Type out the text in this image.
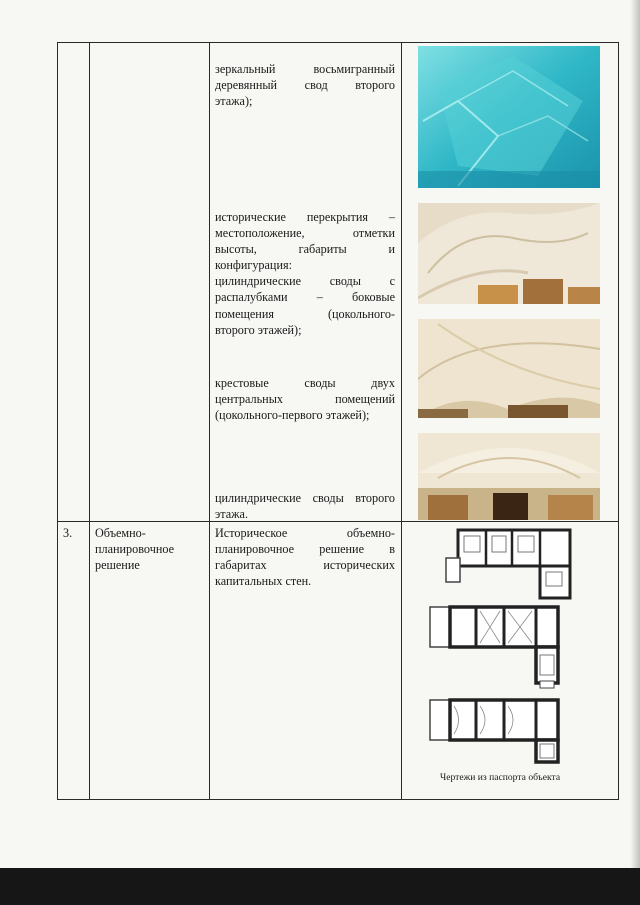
зеркальный восьмигранный
деревянный свод второго
этажа);
исторические перекрытия –
местоположение, отметки
высоты, габариты и
конфигурация:
цилиндрические своды с
распалубками – боковые
помещения (цокольного-
второго этажей);
крестовые своды двух
центральных помещений
(цокольного-первого этажей);
цилиндрические своды второго
этажа.
3.	Объемно-
планировочное
решение
Историческое объемно-
планировочное решение в
габаритах исторических
капитальных стен.
Чертежи из паспорта объекта
